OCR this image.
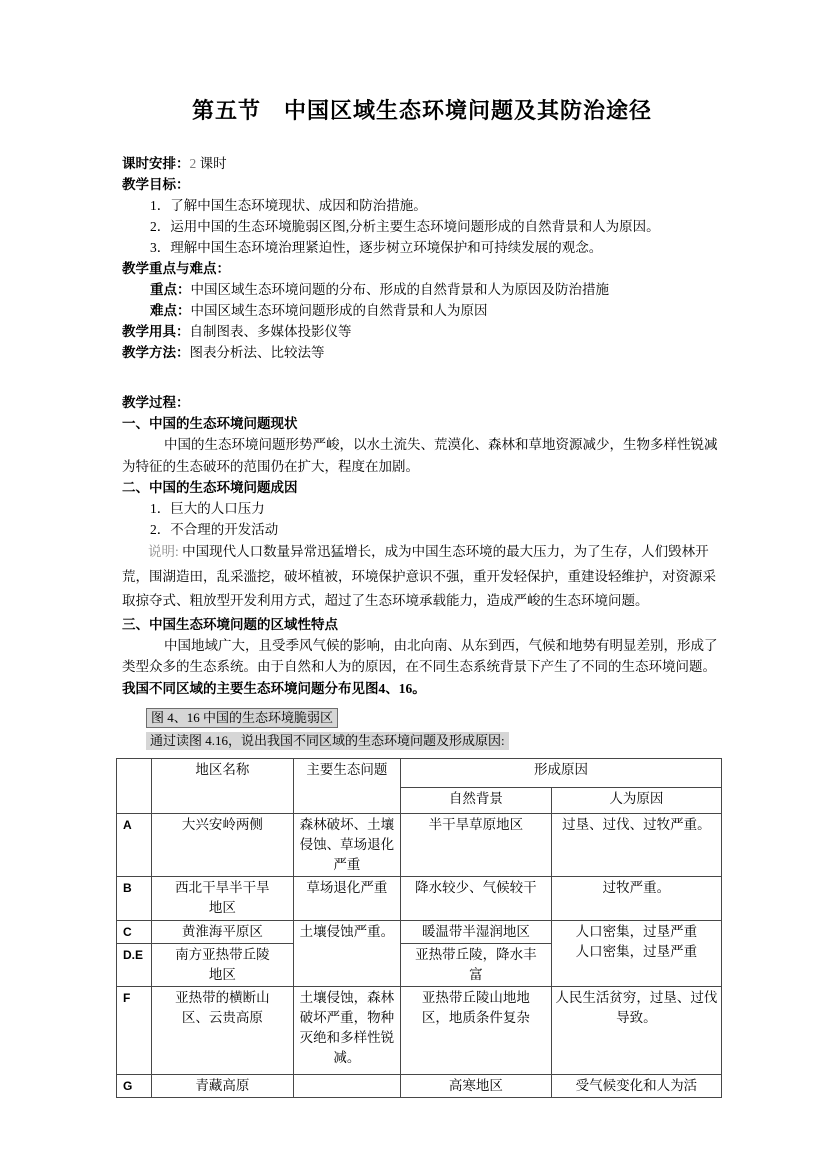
第五节　中国区域生态环境问题及其防治途径

课时安排：2 课时

教学目标：

1．了解中国生态环境现状、成因和防治措施。

2．运用中国的生态环境脆弱区图,分析主要生态环境问题形成的自然背景和人为原因。

3．理解中国生态环境治理紧迫性，逐步树立环境保护和可持续发展的观念。

教学重点与难点：

重点：中国区域生态环境问题的分布、形成的自然背景和人为原因及防治措施

难点：中国区域生态环境问题形成的自然背景和人为原因

教学用具：自制图表、多媒体投影仪等

教学方法：图表分析法、比较法等

教学过程：

一、中国的生态环境问题现状

中国的生态环境问题形势严峻，以水土流失、荒漠化、森林和草地资源减少，生物多样性锐减为特征的生态破环的范围仍在扩大，程度在加剧。

二、中国的生态环境问题成因

1．巨大的人口压力

2．不合理的开发活动

说明: 中国现代人口数量异常迅猛增长，成为中国生态环境的最大压力，为了生存，人们毁林开荒，围湖造田，乱采滥挖，破坏植被，环境保护意识不强，重开发轻保护，重建设轻维护，对资源采取掠夺式、粗放型开发利用方式，超过了生态环境承载能力，造成严峻的生态环境问题。

三、中国生态环境问题的区域性特点

中国地域广大，且受季风气候的影响，由北向南、从东到西，气候和地势有明显差别，形成了类型众多的生态系统。由于自然和人为的原因，在不同生态系统背景下产生了不同的生态环境问题。我国不同区域的主要生态环境问题分布见图4、16。

图 4、16 中国的生态环境脆弱区
通过读图 4.16，说出我国不同区域的生态环境问题及形成原因:
	地区名称	主要生态问题	形成原因	
			自然背景	人为原因
A	大兴安岭两侧	森林破坏、土壤侵蚀、草场退化严重	半干旱草原地区	过垦、过伐、过牧严重。
B	西北干旱半干旱地区	草场退化严重	降水较少、气候较干	过牧严重。
C	黄淮海平原区	土壤侵蚀严重。	暖温带半湿润地区	人口密集，过垦严重
人口密集，过垦严重

D.E	南方亚热带丘陵地区		亚热带丘陵，降水丰富	
F	亚热带的横断山区、云贵高原	土壤侵蚀，森林破坏严重，物种灭绝和多样性锐减。	亚热带丘陵山地地区，地质条件复杂	人民生活贫穷，过垦、过伐导致。
G	青藏高原		高寒地区	受气候变化和人为活
